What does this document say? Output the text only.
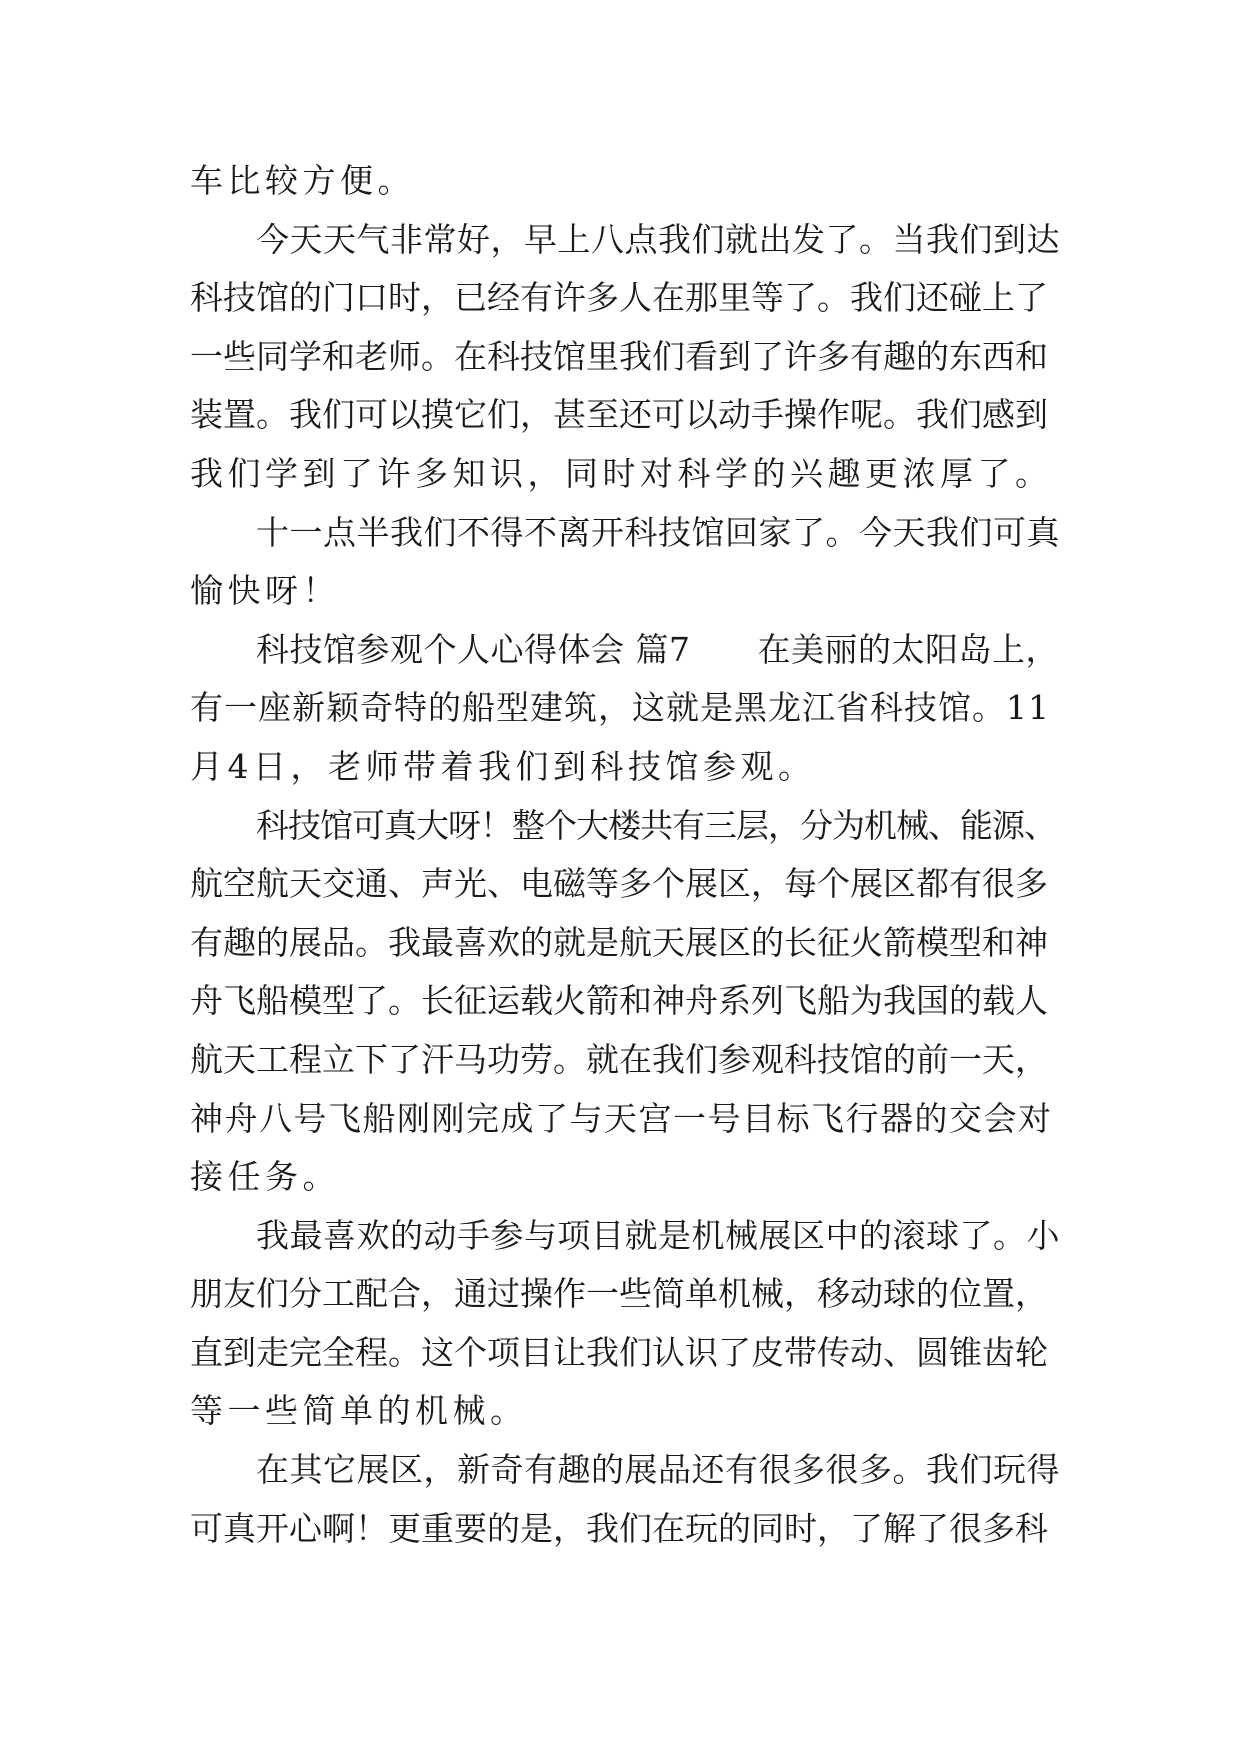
车比较方便。
今天天气非常好，早上八点我们就出发了。当我们到达
科技馆的门口时，已经有许多人在那里等了。我们还碰上了
一些同学和老师。在科技馆里我们看到了许多有趣的东西和
装置。我们可以摸它们，甚至还可以动手操作呢。我们感到
我们学到了许多知识，同时对科学的兴趣更浓厚了。
十一点半我们不得不离开科技馆回家了。今天我们可真
愉快呀！
科技馆参观个人心得体会 篇7　　在美丽的太阳岛上，
有一座新颖奇特的船型建筑，这就是黑龙江省科技馆。11
月4日，老师带着我们到科技馆参观。
科技馆可真大呀！整个大楼共有三层，分为机械、能源、
航空航天交通、声光、电磁等多个展区，每个展区都有很多
有趣的展品。我最喜欢的就是航天展区的长征火箭模型和神
舟飞船模型了。长征运载火箭和神舟系列飞船为我国的载人
航天工程立下了汗马功劳。就在我们参观科技馆的前一天，
神舟八号飞船刚刚完成了与天宫一号目标飞行器的交会对
接任务。
我最喜欢的动手参与项目就是机械展区中的滚球了。小
朋友们分工配合，通过操作一些简单机械，移动球的位置，
直到走完全程。这个项目让我们认识了皮带传动、圆锥齿轮
等一些简单的机械。
在其它展区，新奇有趣的展品还有很多很多。我们玩得
可真开心啊！更重要的是，我们在玩的同时，了解了很多科
